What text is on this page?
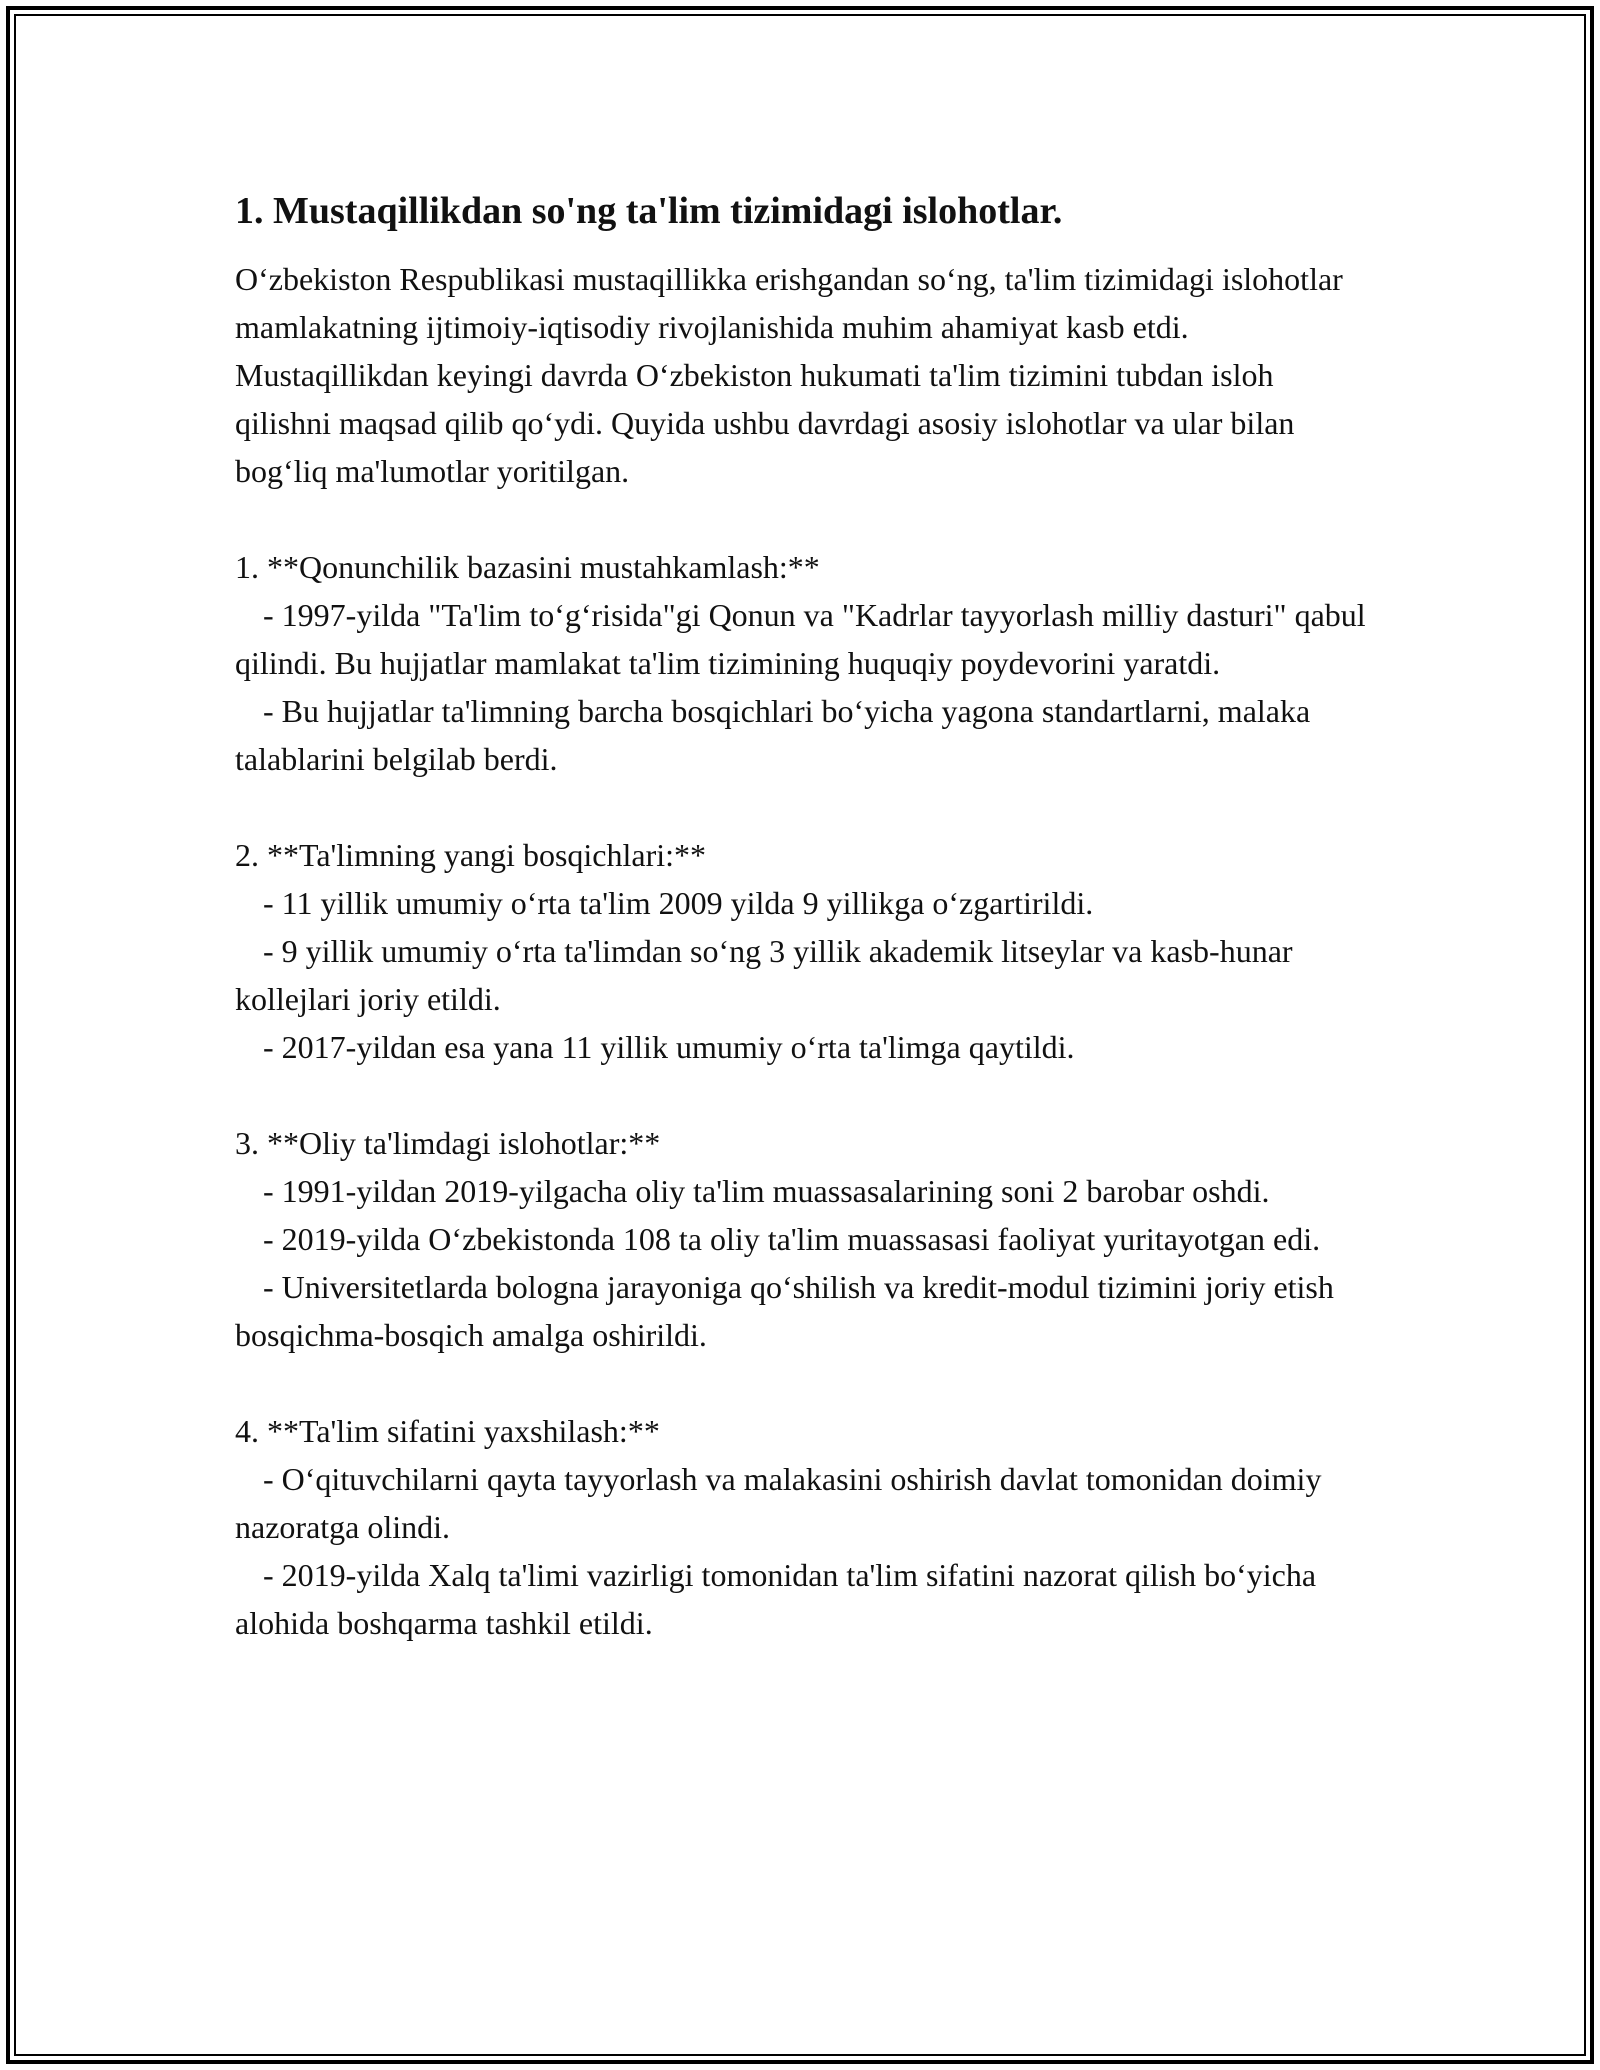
1. Mustaqillikdan so'ng ta'lim tizimidagi islohotlar.

O‘zbekiston Respublikasi mustaqillikka erishgandan so‘ng, ta'lim tizimidagi islohotlar mamlakatning ijtimoiy-iqtisodiy rivojlanishida muhim ahamiyat kasb etdi. Mustaqillikdan keyingi davrda O‘zbekiston hukumati ta'lim tizimini tubdan isloh qilishni maqsad qilib qo‘ydi. Quyida ushbu davrdagi asosiy islohotlar va ular bilan bog‘liq ma'lumotlar yoritilgan.

1. **Qonunchilik bazasini mustahkamlash:**

- 1997-yilda "Ta'lim to‘g‘risida"gi Qonun va "Kadrlar tayyorlash milliy dasturi" qabul qilindi. Bu hujjatlar mamlakat ta'lim tizimining huquqiy poydevorini yaratdi.

- Bu hujjatlar ta'limning barcha bosqichlari bo‘yicha yagona standartlarni, malaka talablarini belgilab berdi.

2. **Ta'limning yangi bosqichlari:**

- 11 yillik umumiy o‘rta ta'lim 2009 yilda 9 yillikga o‘zgartirildi.

- 9 yillik umumiy o‘rta ta'limdan so‘ng 3 yillik akademik litseylar va kasb-hunar kollejlari joriy etildi.

- 2017-yildan esa yana 11 yillik umumiy o‘rta ta'limga qaytildi.

3. **Oliy ta'limdagi islohotlar:**

- 1991-yildan 2019-yilgacha oliy ta'lim muassasalarining soni 2 barobar oshdi.

- 2019-yilda O‘zbekistonda 108 ta oliy ta'lim muassasasi faoliyat yuritayotgan edi.

- Universitetlarda bologna jarayoniga qo‘shilish va kredit-modul tizimini joriy etish bosqichma-bosqich amalga oshirildi.

4. **Ta'lim sifatini yaxshilash:**

- O‘qituvchilarni qayta tayyorlash va malakasini oshirish davlat tomonidan doimiy nazoratga olindi.

- 2019-yilda Xalq ta'limi vazirligi tomonidan ta'lim sifatini nazorat qilish bo‘yicha alohida boshqarma tashkil etildi.
